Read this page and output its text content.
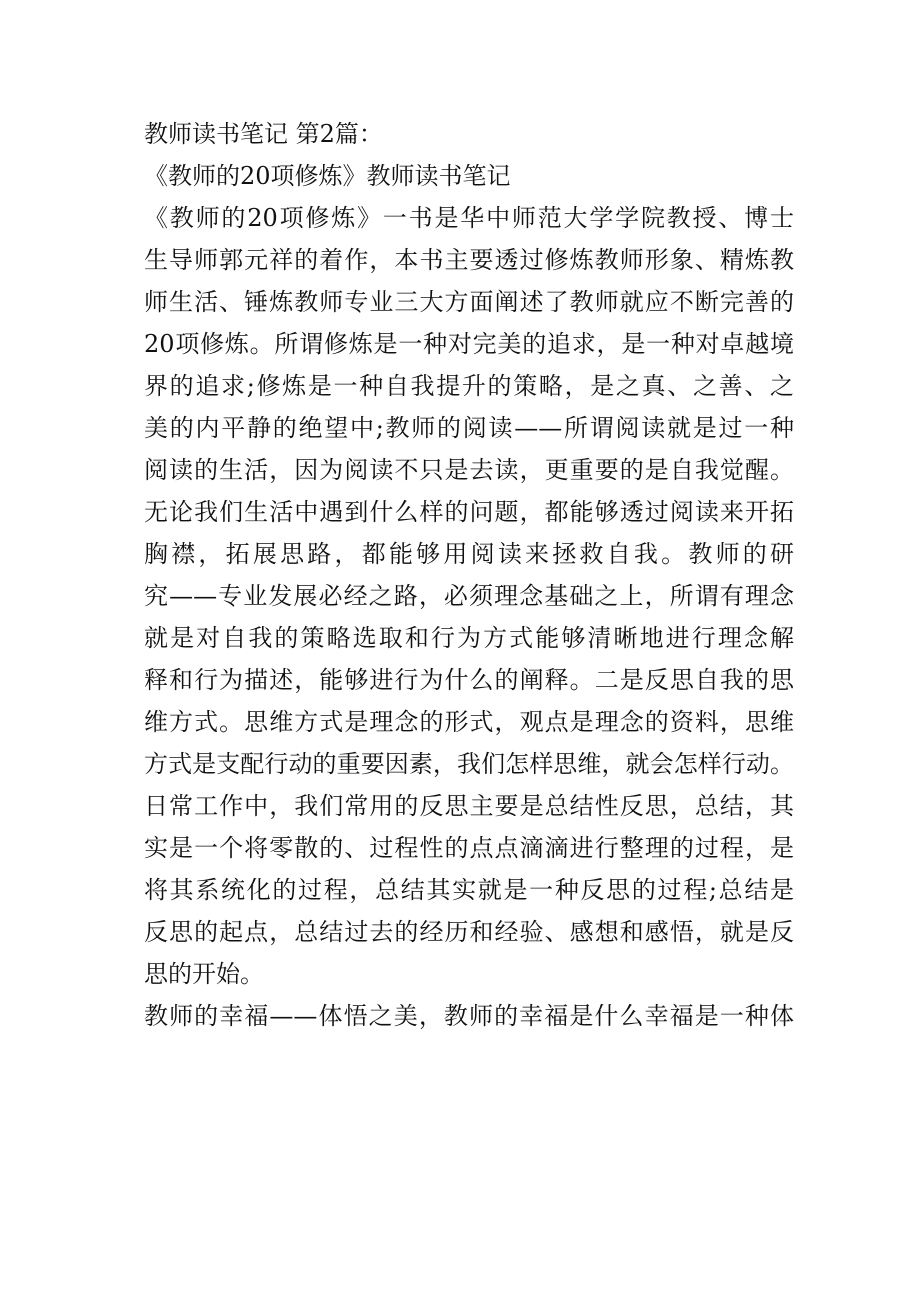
教师读书笔记 第2篇：
《教师的20项修炼》教师读书笔记
《教师的20项修炼》一书是华中师范大学学院教授、博士
生导师郭元祥的着作，本书主要透过修炼教师形象、精炼教
师生活、锤炼教师专业三大方面阐述了教师就应不断完善的
20项修炼。所谓修炼是一种对完美的追求，是一种对卓越境
界的追求;修炼是一种自我提升的策略，是之真、之善、之
美的内平静的绝望中;教师的阅读——所谓阅读就是过一种
阅读的生活，因为阅读不只是去读，更重要的是自我觉醒。
无论我们生活中遇到什么样的问题，都能够透过阅读来开拓
胸襟，拓展思路，都能够用阅读来拯救自我。教师的研
究——专业发展必经之路，必须理念基础之上，所谓有理念
就是对自我的策略选取和行为方式能够清晰地进行理念解
释和行为描述，能够进行为什么的阐释。二是反思自我的思
维方式。思维方式是理念的形式，观点是理念的资料，思维
方式是支配行动的重要因素，我们怎样思维，就会怎样行动。
日常工作中，我们常用的反思主要是总结性反思，总结，其
实是一个将零散的、过程性的点点滴滴进行整理的过程，是
将其系统化的过程，总结其实就是一种反思的过程;总结是
反思的起点，总结过去的经历和经验、感想和感悟，就是反
思的开始。
教师的幸福——体悟之美，教师的幸福是什么幸福是一种体
